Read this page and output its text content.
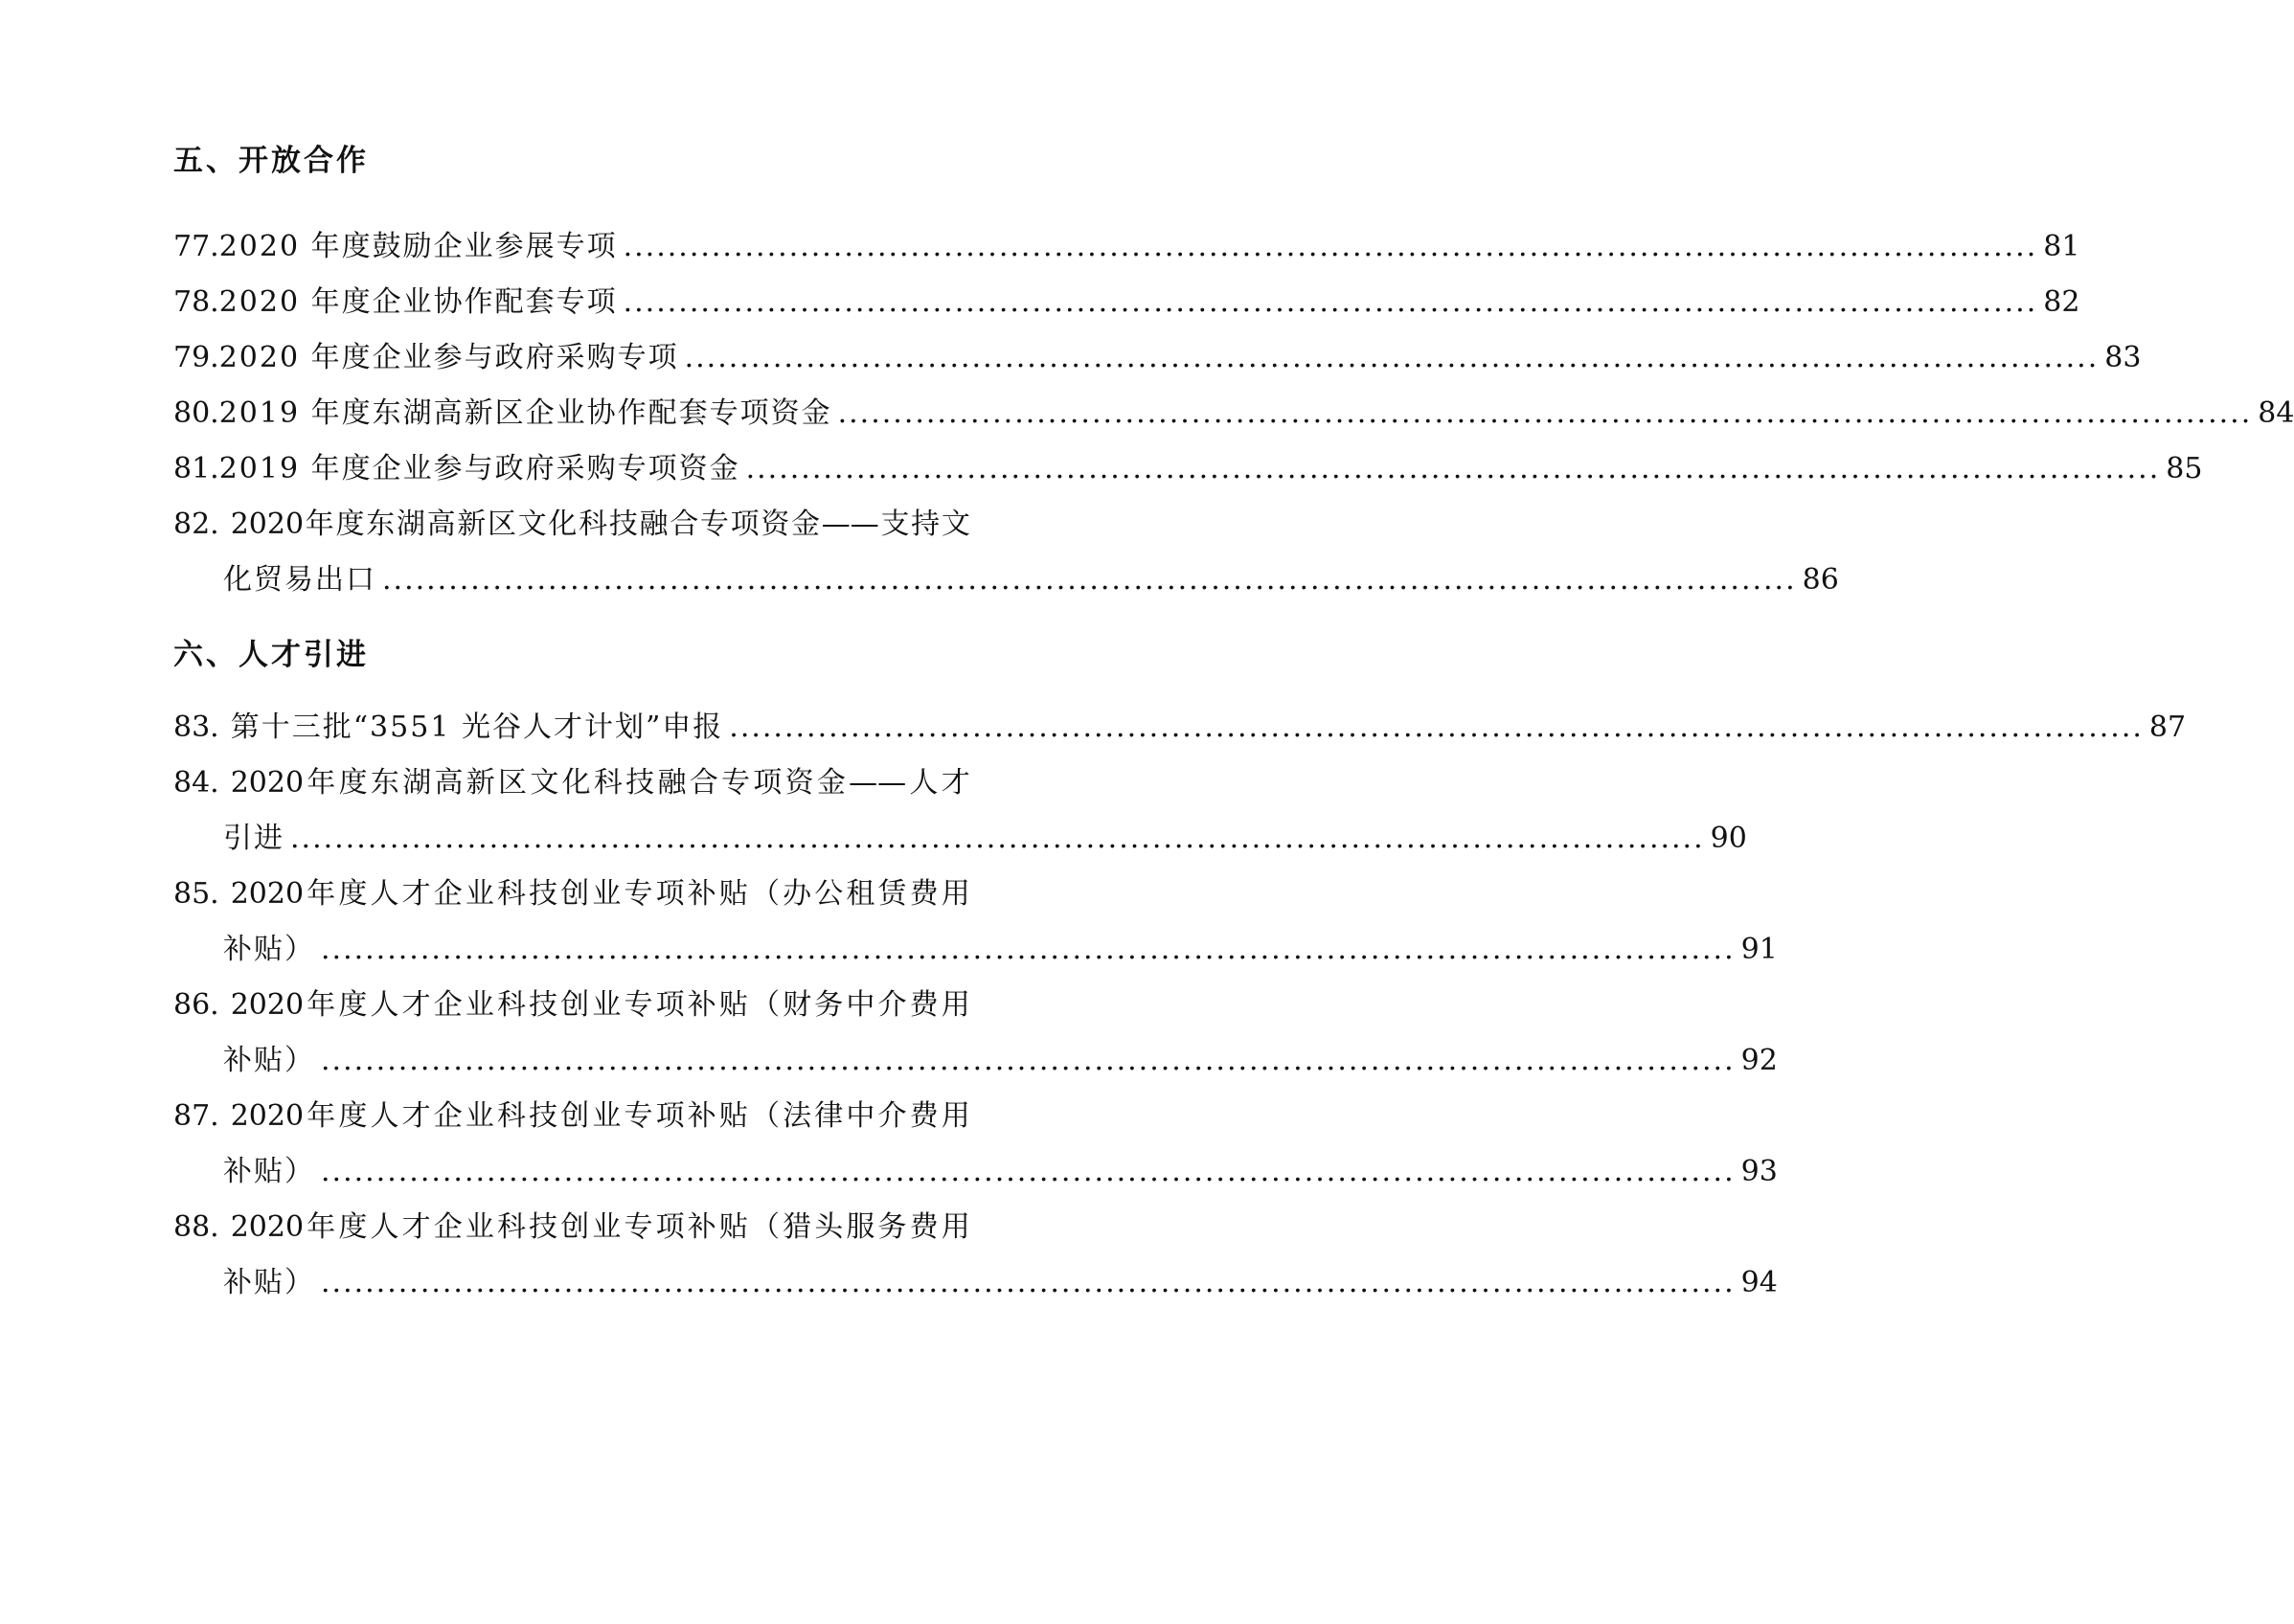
五、开放合作
77. 2020 年度鼓励企业参展专项 ................................................................................................................................ 81
78. 2020 年度企业协作配套专项 ................................................................................................................................ 82
79. 2020 年度企业参与政府采购专项 ................................................................................................................................ 83
80. 2019 年度东湖高新区企业协作配套专项资金 ................................................................................................................................ 84
81. 2019 年度企业参与政府采购专项资金 ................................................................................................................................ 85
82. 2020 年 度 东 湖 高 新 区 文 化 科 技 融 合 专 项 资 金 —— 支 持 文
化贸易出口 ................................................................................................................................ 86
六、人才引进
83. 第十三批“3551 光谷人才计划”申报 ................................................................................................................................ 87
84. 2020 年 度 东 湖 高 新 区 文 化 科 技 融 合 专 项 资 金 —— 人 才
引进 ................................................................................................................................ 90
85. 2020 年 度 人 才 企 业 科 技 创 业 专 项 补 贴 （ 办 公 租 赁 费 用
补贴） ................................................................................................................................ 91
86. 2020 年 度 人 才 企 业 科 技 创 业 专 项 补 贴 （ 财 务 中 介 费 用
补贴） ................................................................................................................................ 92
87. 2020 年 度 人 才 企 业 科 技 创 业 专 项 补 贴 （ 法 律 中 介 费 用
补贴） ................................................................................................................................ 93
88. 2020 年 度 人 才 企 业 科 技 创 业 专 项 补 贴 （ 猎 头 服 务 费 用
补贴） ................................................................................................................................ 94
